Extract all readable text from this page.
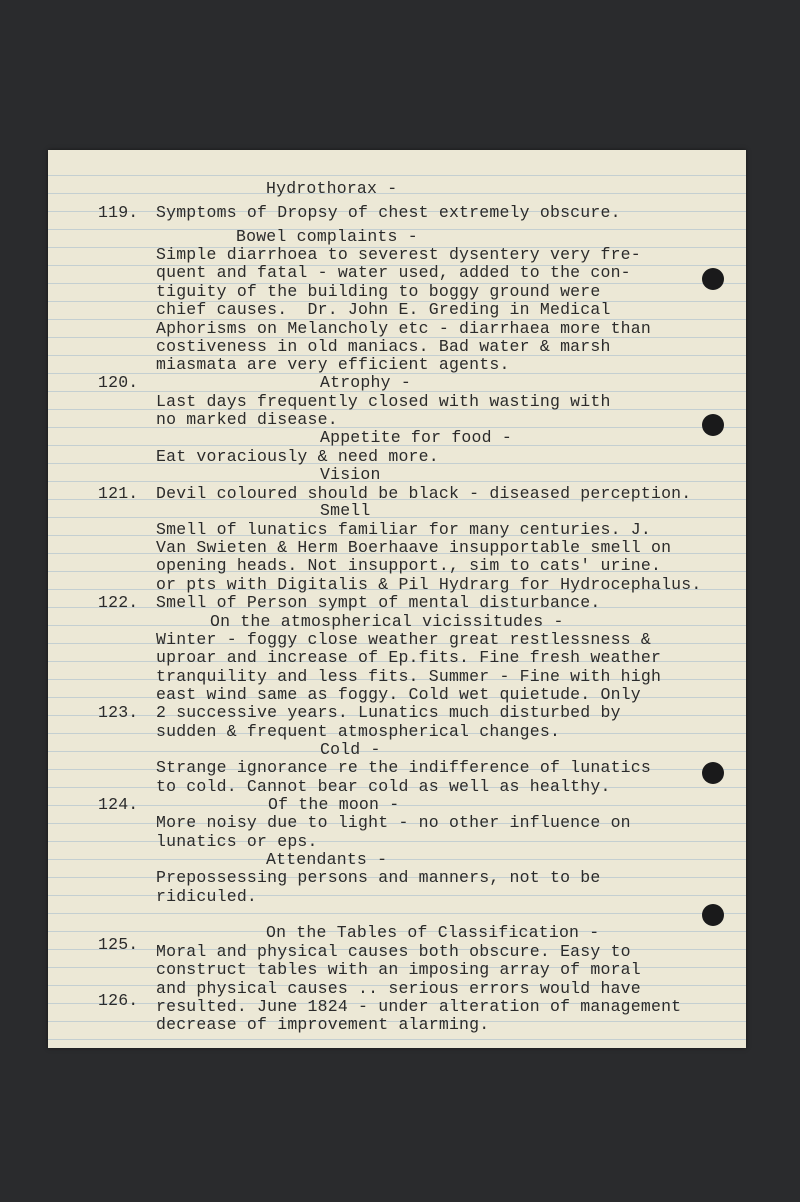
Hydrothorax -
119. Symptoms of Dropsy of chest extremely obscure.
Bowel complaints -
Simple diarrhoea to severest dysentery very fre-
quent and fatal - water used, added to the con-
tiguity of the building to boggy ground were
chief causes.  Dr. John E. Greding in Medical
Aphorisms on Melancholy etc - diarrhaea more than
costiveness in old maniacs. Bad water & marsh
miasmata are very efficient agents.
120.	Atrophy -
Last days frequently closed with wasting with
no marked disease.
Appetite for food -
Eat voraciously & need more.
Vision
121. Devil coloured should be black - diseased perception.
Smell
Smell of lunatics familiar for many centuries. J.
Van Swieten & Herm Boerhaave insupportable smell on
opening heads. Not insupport., sim to cats' urine.
or pts with Digitalis & Pil Hydrarg for Hydrocephalus.
122. Smell of Person sympt of mental disturbance.
On the atmospherical vicissitudes -
Winter - foggy close weather great restlessness &
uproar and increase of Ep.fits. Fine fresh weather
tranquility and less fits. Summer - Fine with high
east wind same as foggy. Cold wet quietude. Only
123. 2 successive years. Lunatics much disturbed by
sudden & frequent atmospherical changes.
Cold -
Strange ignorance re the indifference of lunatics
to cold. Cannot bear cold as well as healthy.
124.	Of the moon -
More noisy due to light - no other influence on
lunatics or eps.
Attendants -
Prepossessing persons and manners, not to be
ridiculed.
On the Tables of Classification -
125. Moral and physical causes both obscure. Easy to
construct tables with an imposing array of moral
and physical causes .. serious errors would have
126. resulted. June 1824 - under alteration of management
decrease of improvement alarming.
